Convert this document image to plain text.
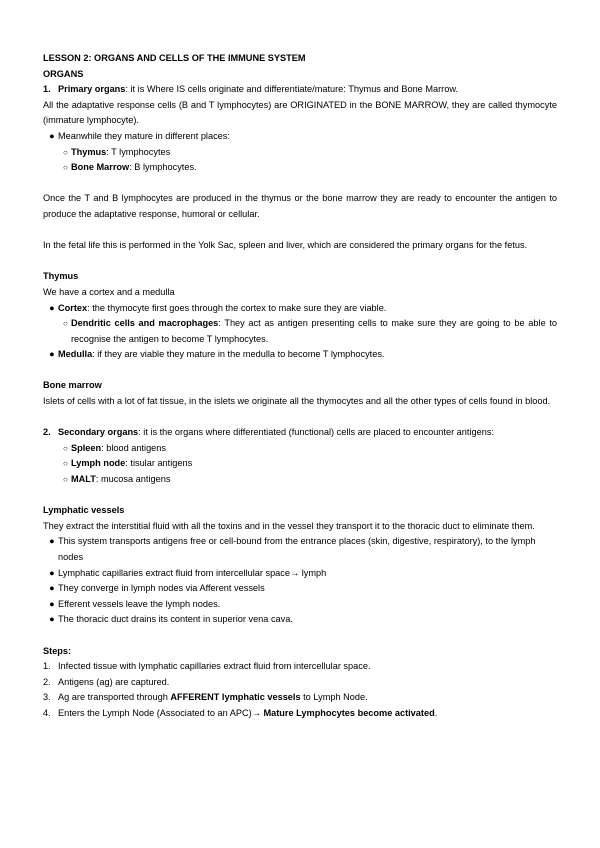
LESSON 2: ORGANS AND CELLS OF THE IMMUNE SYSTEM
ORGANS
1. Primary organs: it is Where IS cells originate and differentiate/mature: Thymus and Bone Marrow.
All the adaptative response cells (B and T lymphocytes) are ORIGINATED in the BONE MARROW, they are called thymocyte (immature lymphocyte).
● Meanwhile they mature in different places:
○ Thymus: T lymphocytes
○ Bone Marrow: B lymphocytes.
Once the T and B lymphocytes are produced in the thymus or the bone marrow they are ready to encounter the antigen to produce the adaptative response, humoral or cellular.
In the fetal life this is performed in the Yolk Sac, spleen and liver, which are considered the primary organs for the fetus.
Thymus
We have a cortex and a medulla
● Cortex: the thymocyte first goes through the cortex to make sure they are viable.
○ Dendritic cells and macrophages: They act as antigen presenting cells to make sure they are going to be able to recognise the antigen to become T lymphocytes.
● Medulla: if they are viable they mature in the medulla to become T lymphocytes.
Bone marrow
Islets of cells with a lot of fat tissue, in the islets we originate all the thymocytes and all the other types of cells found in blood.
2. Secondary organs: it is the organs where differentiated (functional) cells are placed to encounter antigens:
○ Spleen: blood antigens
○ Lymph node: tisular antigens
○ MALT: mucosa antigens
Lymphatic vessels
They extract the interstitial fluid with all the toxins and in the vessel they transport it to the thoracic duct to eliminate them.
● This system transports antigens free or cell-bound from the entrance places (skin, digestive, respiratory), to the lymph nodes
● Lymphatic capillaries extract fluid from intercellular space→ lymph
● They converge in lymph nodes via Afferent vessels
● Efferent vessels leave the lymph nodes.
● The thoracic duct drains its content in superior vena cava.
Steps:
1. Infected tissue with lymphatic capillaries extract fluid from intercellular space.
2. Antigens (ag) are captured.
3. Ag are transported through AFFERENT lymphatic vessels to Lymph Node.
4. Enters the Lymph Node (Associated to an APC)→ Mature Lymphocytes become activated.
